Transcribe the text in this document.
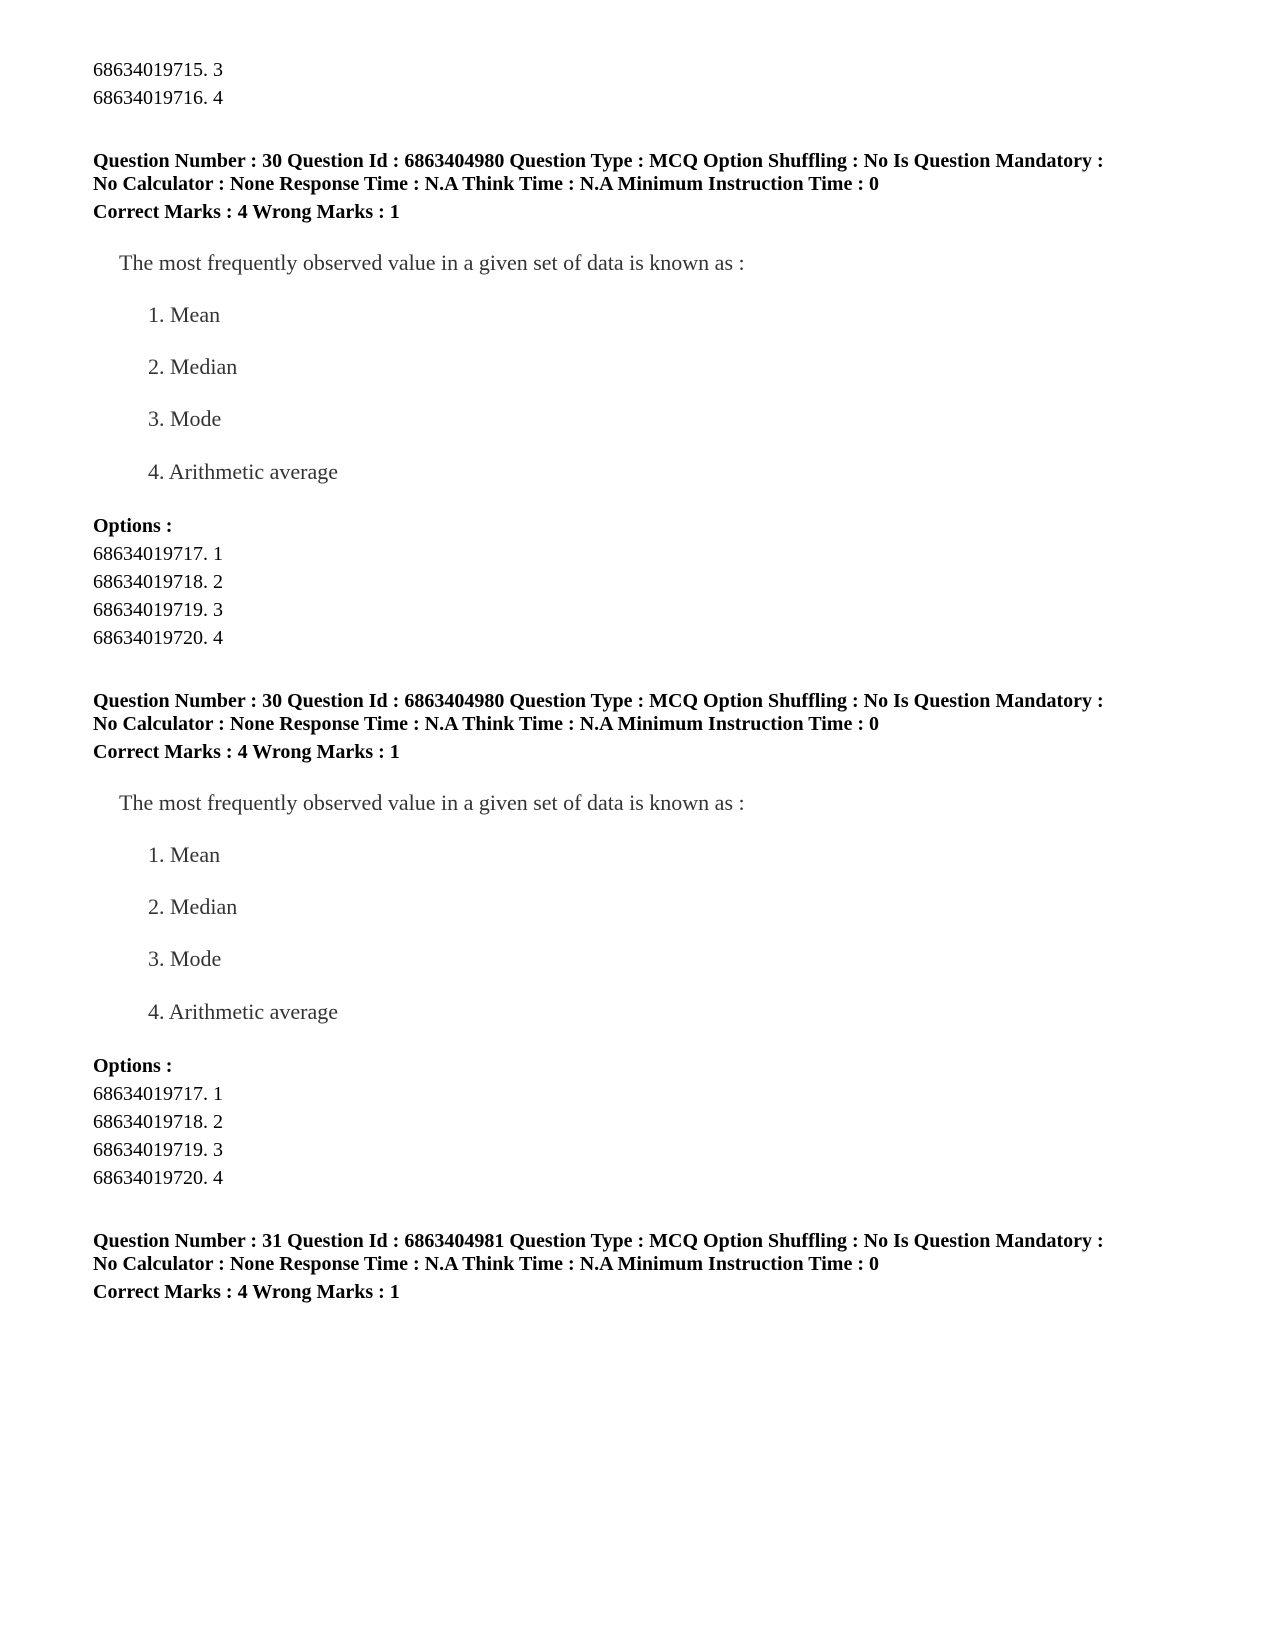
68634019715. 3
68634019716. 4
Question Number : 30 Question Id : 6863404980 Question Type : MCQ Option Shuffling : No Is Question Mandatory :
No Calculator : None Response Time : N.A Think Time : N.A Minimum Instruction Time : 0
Correct Marks : 4 Wrong Marks : 1
The most frequently observed value in a given set of data is known as :
1. Mean
2. Median
3. Mode
4. Arithmetic average
Options :
68634019717. 1
68634019718. 2
68634019719. 3
68634019720. 4
Question Number : 30 Question Id : 6863404980 Question Type : MCQ Option Shuffling : No Is Question Mandatory :
No Calculator : None Response Time : N.A Think Time : N.A Minimum Instruction Time : 0
Correct Marks : 4 Wrong Marks : 1
The most frequently observed value in a given set of data is known as :
1. Mean
2. Median
3. Mode
4. Arithmetic average
Options :
68634019717. 1
68634019718. 2
68634019719. 3
68634019720. 4
Question Number : 31 Question Id : 6863404981 Question Type : MCQ Option Shuffling : No Is Question Mandatory :
No Calculator : None Response Time : N.A Think Time : N.A Minimum Instruction Time : 0
Correct Marks : 4 Wrong Marks : 1
